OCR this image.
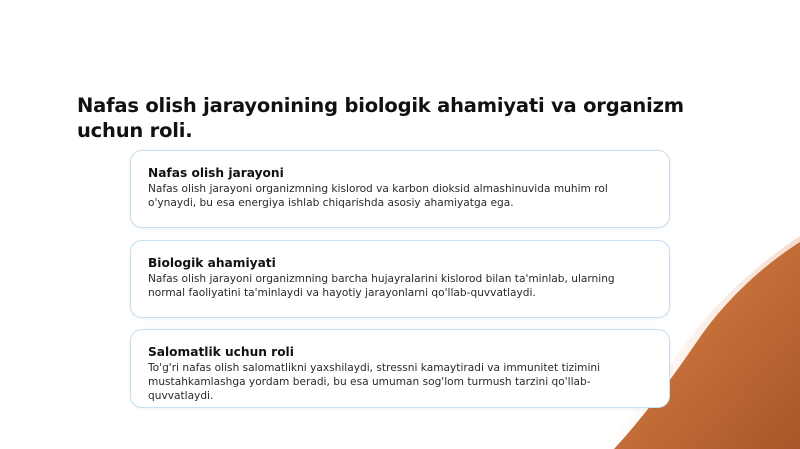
Nafas olish jarayonining biologik ahamiyati va organizm uchun roli.
Nafas olish jarayoni
Nafas olish jarayoni organizmning kislorod va karbon dioksid almashinuvida muhim rol o'ynaydi, bu esa energiya ishlab chiqarishda asosiy ahamiyatga ega.
Biologik ahamiyati
Nafas olish jarayoni organizmning barcha hujayralarini kislorod bilan ta'minlab, ularning normal faoliyatini ta'minlaydi va hayotiy jarayonlarni qo'llab-quvvatlaydi.
Salomatlik uchun roli
To'g'ri nafas olish salomatlikni yaxshilaydi, stressni kamaytiradi va immunitet tizimini mustahkamlashga yordam beradi, bu esa umuman sog'lom turmush tarzini qo'llab-quvvatlaydi.
